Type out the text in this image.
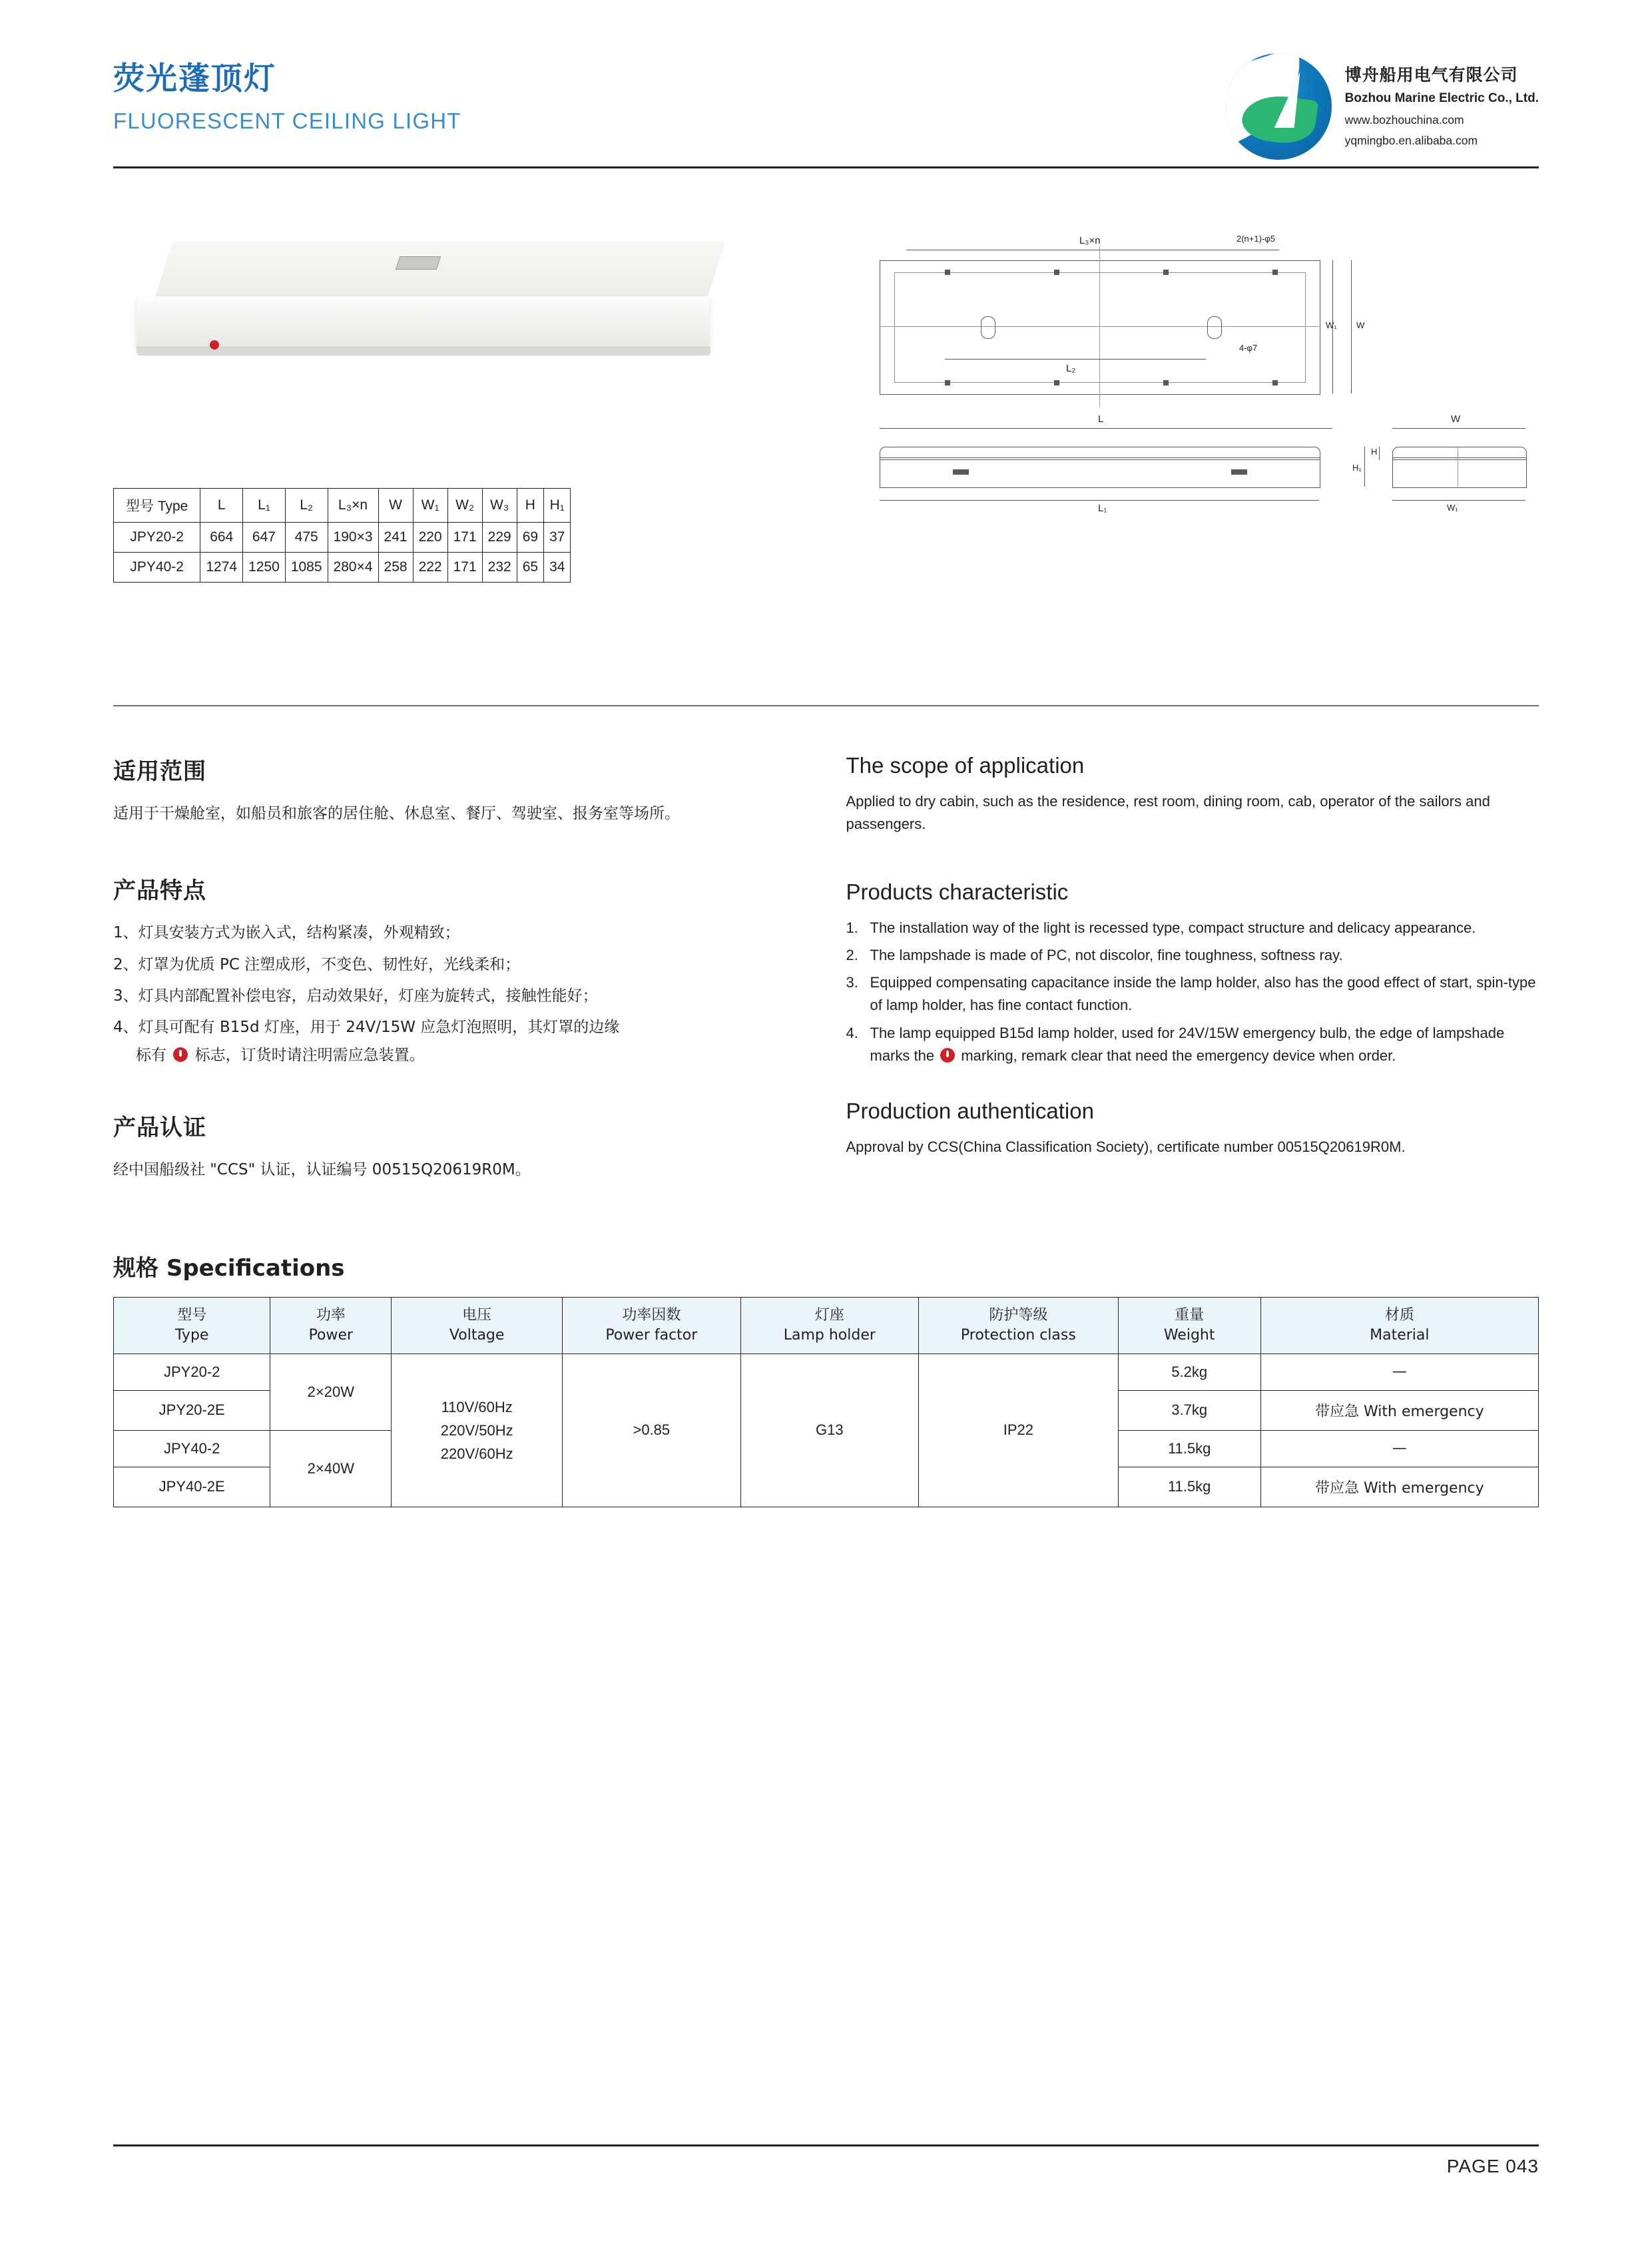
荧光蓬顶灯
FLUORESCENT CEILING LIGHT
博舟船用电气有限公司
Bozhou Marine Electric Co., Ltd.
www.bozhouchina.com
yqmingbo.en.alibaba.com
L₃×n	2(n+1)-φ5
4-φ7
W₁ W
L₂
L
L₁
W
H
H₁
W₁
型号 Type	L	L₁	L₂	L₃×n	W	W₁	W₂	W₃	H	H₁
JPY20-2	664	647	475	190×3	241	220	171	229	69	37
JPY40-2	1274	1250	1085	280×4	258	222	171	232	65	34
适用范围

适用于干燥舱室，如船员和旅客的居住舱、休息室、餐厅、驾驶室、报务室等场所。

产品特点
1、灯具安装方式为嵌入式，结构紧凑，外观精致；
2、灯罩为优质 PC 注塑成形，不变色、韧性好，光线柔和；
3、灯具内部配置补偿电容，启动效果好，灯座为旋转式，接触性能好；
4、灯具可配有 B15d 灯座，用于 24V/15W 应急灯泡照明，其灯罩的边缘
标有 标志，订货时请注明需应急装置。
产品认证

经中国船级社 "CCS" 认证，认证编号 00515Q20619R0M。

The scope of application

Applied to dry cabin, such as the residence, rest room, dining room, cab, operator of the sailors and passengers.

Products characteristic
1. The installation way of the light is recessed type, compact structure and delicacy appearance.
2. The lampshade is made of PC, not discolor, fine toughness, softness ray.
3. Equipped compensating capacitance inside the lamp holder, also has the good effect of start, spin-type of lamp holder, has fine contact function.
4. The lamp equipped B15d lamp holder, used for 24V/15W emergency bulb, the edge of lampshade marks the marking, remark clear that need the emergency device when order.
Production authentication

Approval by CCS(China Classification Society), certificate number 00515Q20619R0M.

规格 Specifications
型号
Type	功率
Power	电压
Voltage	功率因数
Power factor	灯座
Lamp holder	防护等级
Protection class	重量
Weight	材质
Material
JPY20-2	2×20W	110V/60Hz
220V/50Hz
220V/60Hz	>0.85	G13	IP22	5.2kg	—
JPY20-2E						3.7kg	带应急 With emergency
JPY40-2	2×40W					11.5kg	—
JPY40-2E						11.5kg	带应急 With emergency
PAGE 043
